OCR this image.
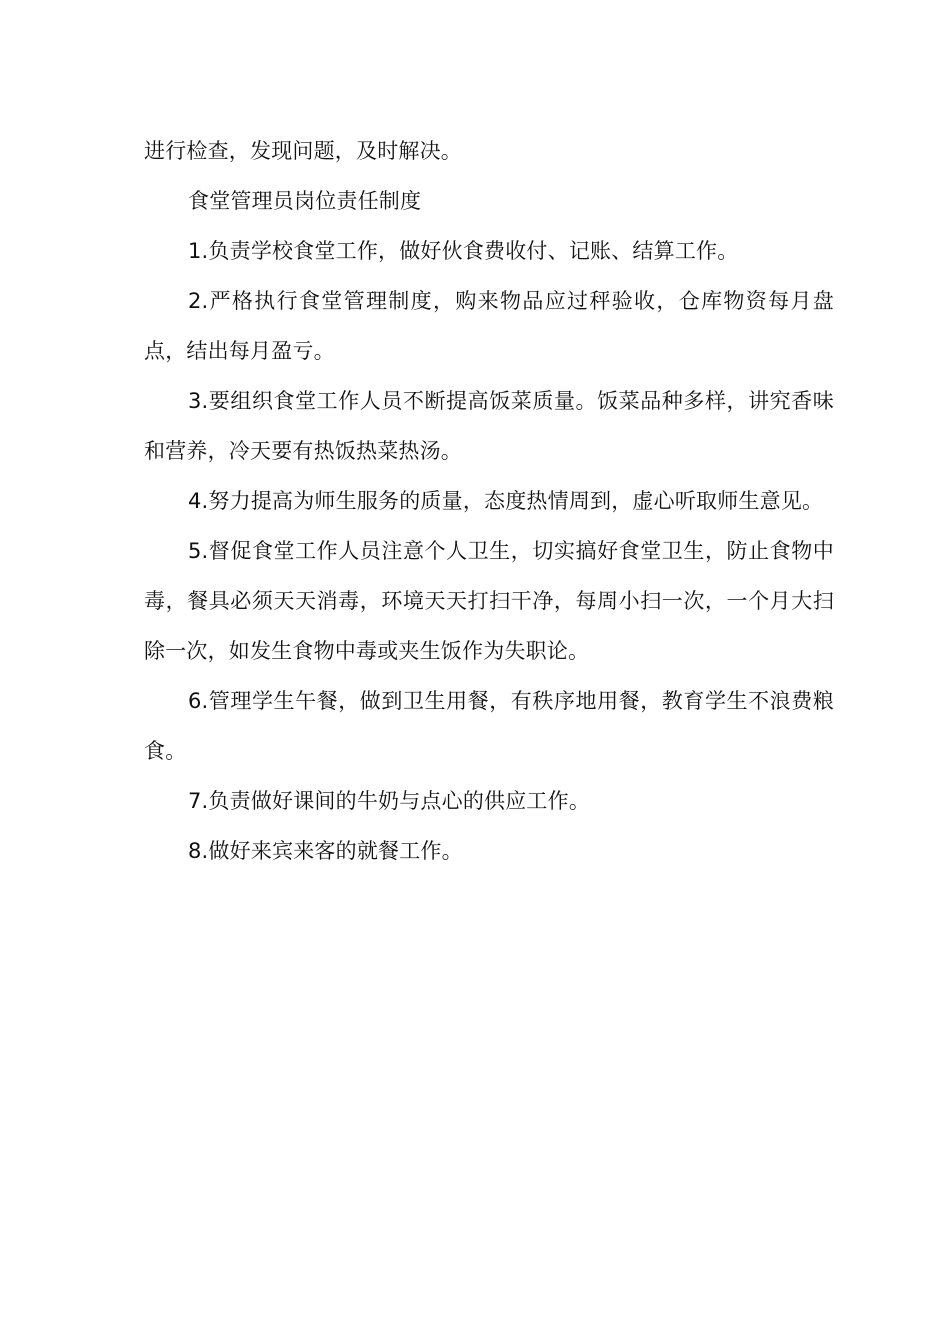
进行检查，发现问题，及时解决。

食堂管理员岗位责任制度

1.负责学校食堂工作，做好伙食费收付、记账、结算工作。

2.严格执行食堂管理制度，购来物品应过秤验收，仓库物资每月盘点，结出每月盈亏。

3.要组织食堂工作人员不断提高饭菜质量。饭菜品种多样，讲究香味和营养，冷天要有热饭热菜热汤。

4.努力提高为师生服务的质量，态度热情周到，虚心听取师生意见。

5.督促食堂工作人员注意个人卫生，切实搞好食堂卫生，防止食物中毒，餐具必须天天消毒，环境天天打扫干净，每周小扫一次，一个月大扫除一次，如发生食物中毒或夹生饭作为失职论。

6.管理学生午餐，做到卫生用餐，有秩序地用餐，教育学生不浪费粮食。

7.负责做好课间的牛奶与点心的供应工作。

8.做好来宾来客的就餐工作。
